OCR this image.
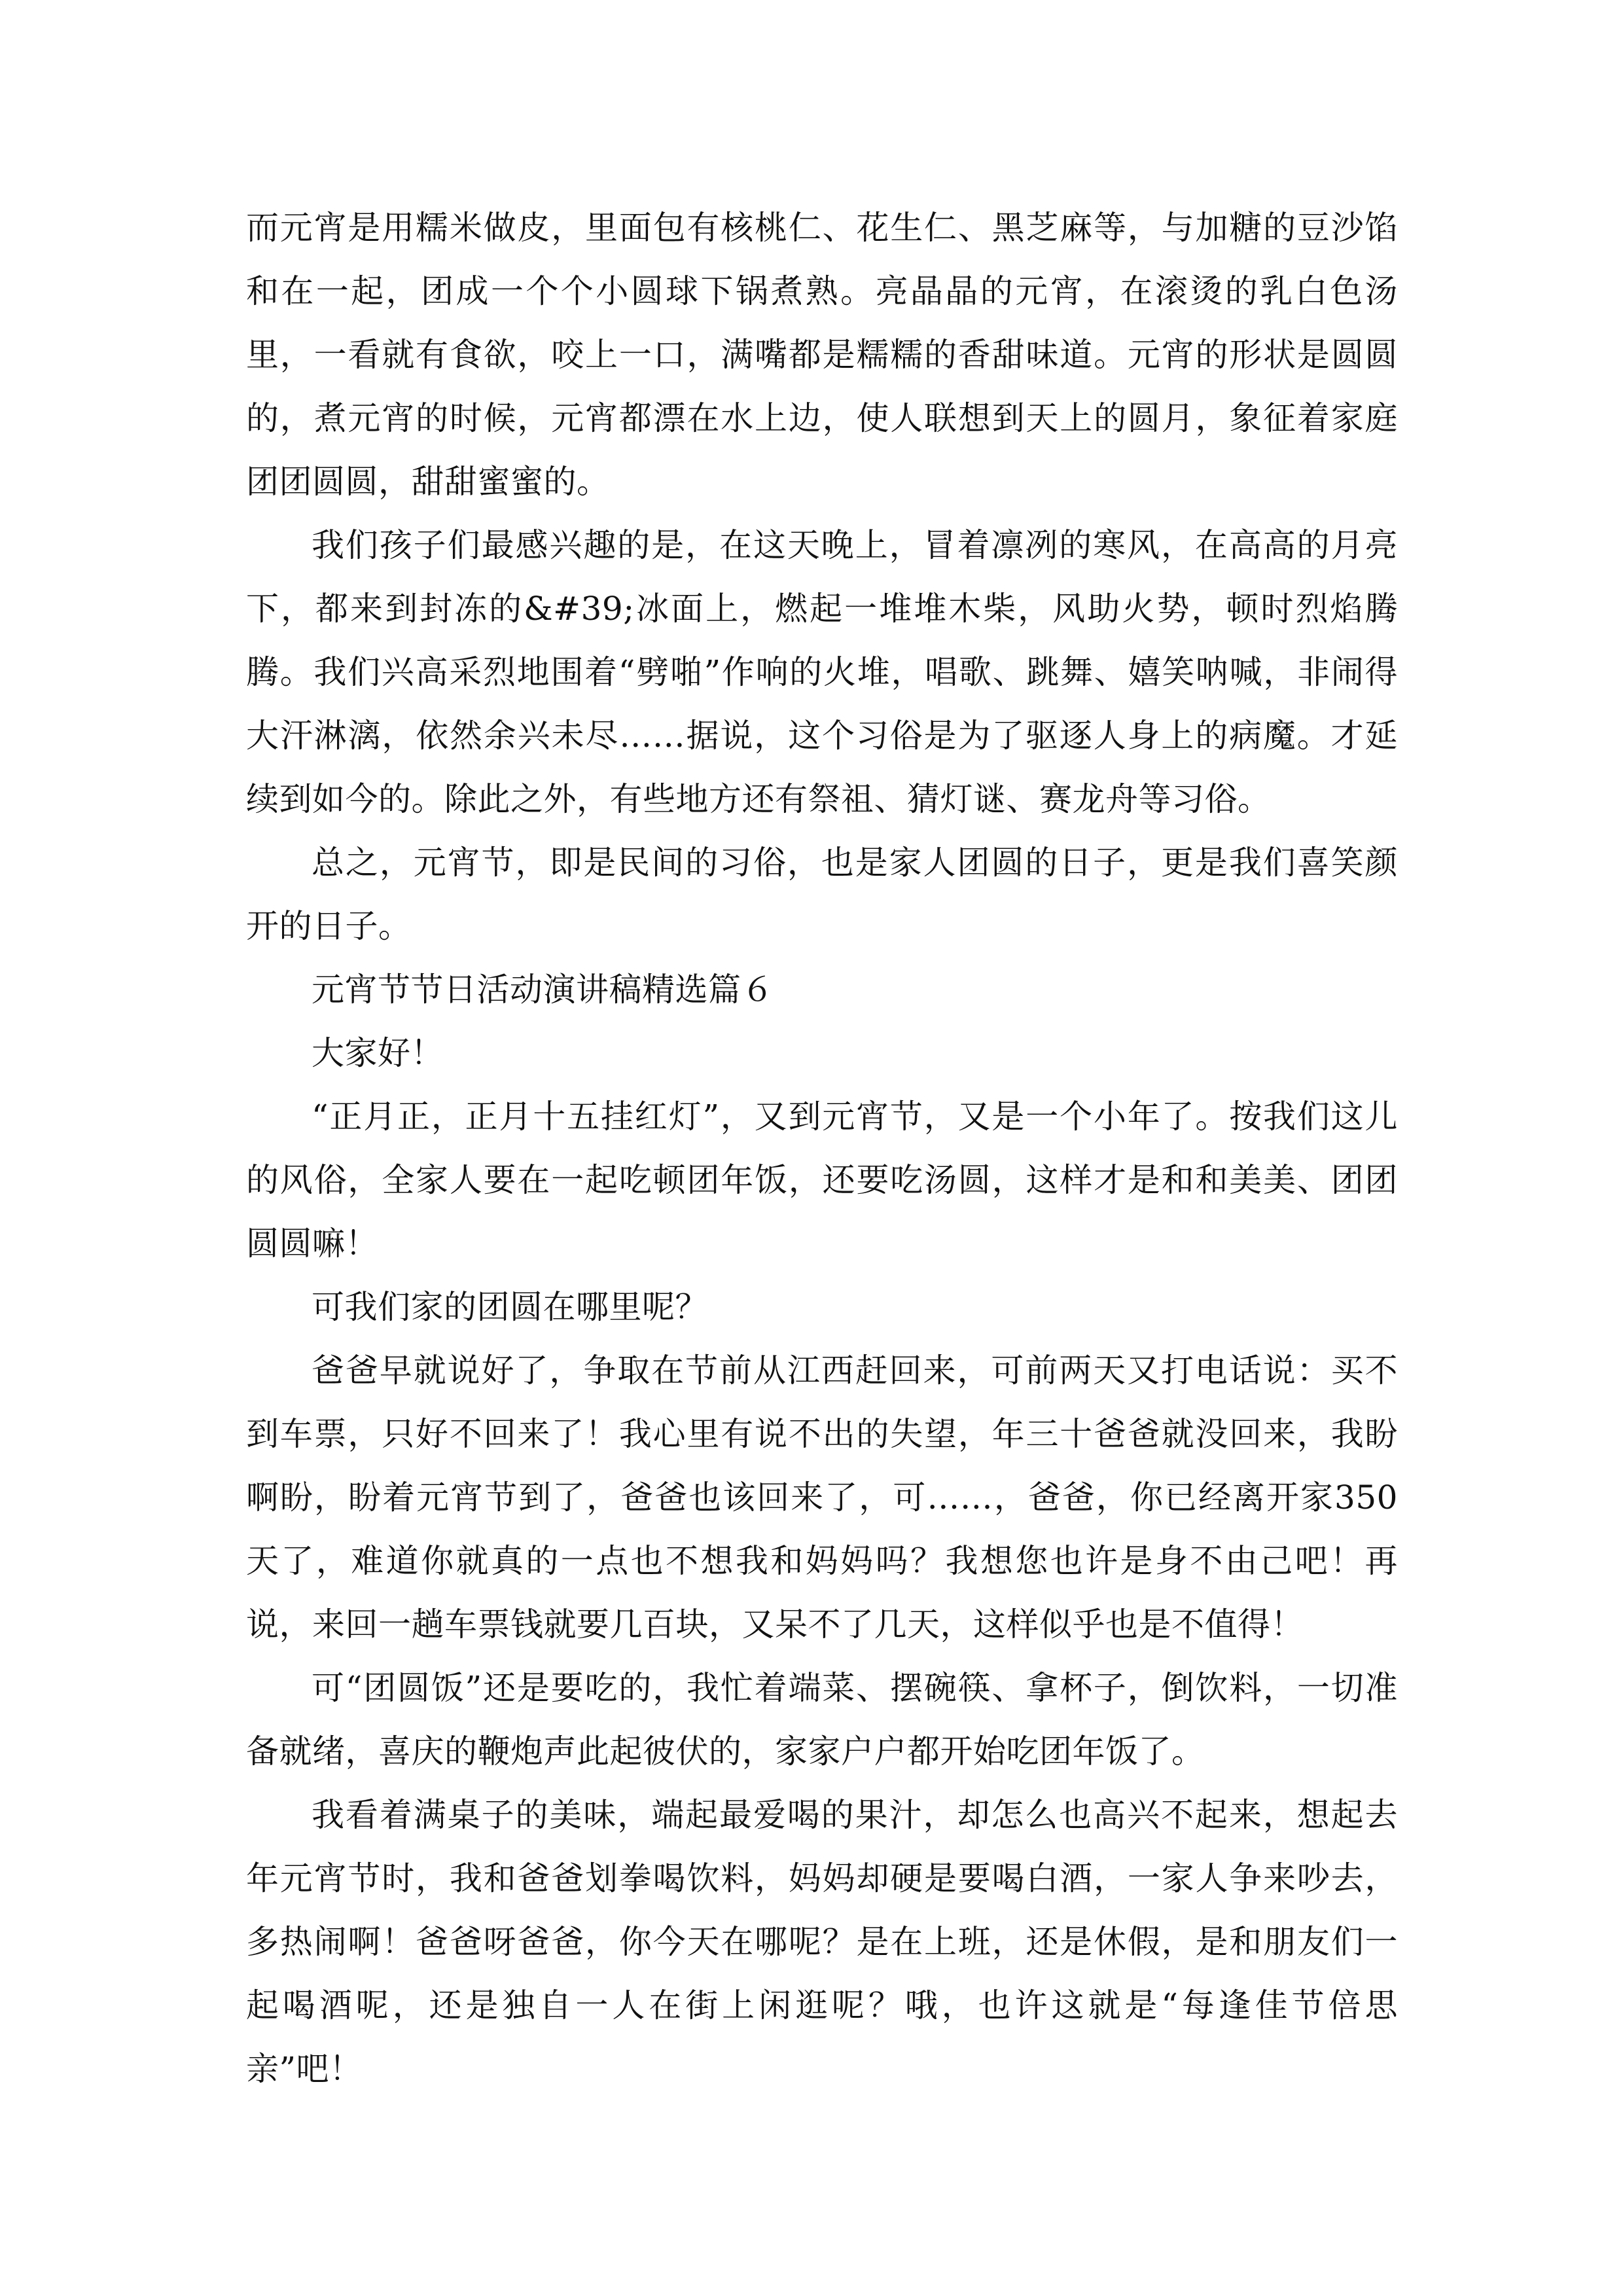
而元宵是用糯米做皮，里面包有核桃仁、花生仁、黑芝麻等，与加糖的豆沙馅和在一起，团成一个个小圆球下锅煮熟。亮晶晶的元宵，在滚烫的乳白色汤里，一看就有食欲，咬上一口，满嘴都是糯糯的香甜味道。元宵的形状是圆圆的，煮元宵的时候，元宵都漂在水上边，使人联想到天上的圆月，象征着家庭团团圆圆，甜甜蜜蜜的。

我们孩子们最感兴趣的是，在这天晚上，冒着凛冽的寒风，在高高的月亮下，都来到封冻的&#39;冰面上，燃起一堆堆木柴，风助火势，顿时烈焰腾腾。我们兴高采烈地围着“劈啪”作响的火堆，唱歌、跳舞、嬉笑呐喊，非闹得大汗淋漓，依然余兴未尽……据说，这个习俗是为了驱逐人身上的病魔。才延续到如今的。除此之外，有些地方还有祭祖、猜灯谜、赛龙舟等习俗。

总之，元宵节，即是民间的习俗，也是家人团圆的日子，更是我们喜笑颜开的日子。

元宵节节日活动演讲稿精选篇６

大家好！

“正月正，正月十五挂红灯”，又到元宵节，又是一个小年了。按我们这儿的风俗，全家人要在一起吃顿团年饭，还要吃汤圆，这样才是和和美美、团团圆圆嘛！

可我们家的团圆在哪里呢？

爸爸早就说好了，争取在节前从江西赶回来，可前两天又打电话说：买不到车票，只好不回来了！我心里有说不出的失望，年三十爸爸就没回来，我盼啊盼，盼着元宵节到了，爸爸也该回来了，可……，爸爸，你已经离开家350天了，难道你就真的一点也不想我和妈妈吗？我想您也许是身不由己吧！再说，来回一趟车票钱就要几百块，又呆不了几天，这样似乎也是不值得！

可“团圆饭”还是要吃的，我忙着端菜、摆碗筷、拿杯子，倒饮料，一切准备就绪，喜庆的鞭炮声此起彼伏的，家家户户都开始吃团年饭了。

我看着满桌子的美味，端起最爱喝的果汁，却怎么也高兴不起来，想起去年元宵节时，我和爸爸划拳喝饮料，妈妈却硬是要喝白酒，一家人争来吵去，多热闹啊！爸爸呀爸爸，你今天在哪呢？是在上班，还是休假，是和朋友们一起喝酒呢，还是独自一人在街上闲逛呢？哦，也许这就是“每逢佳节倍思亲”吧！
